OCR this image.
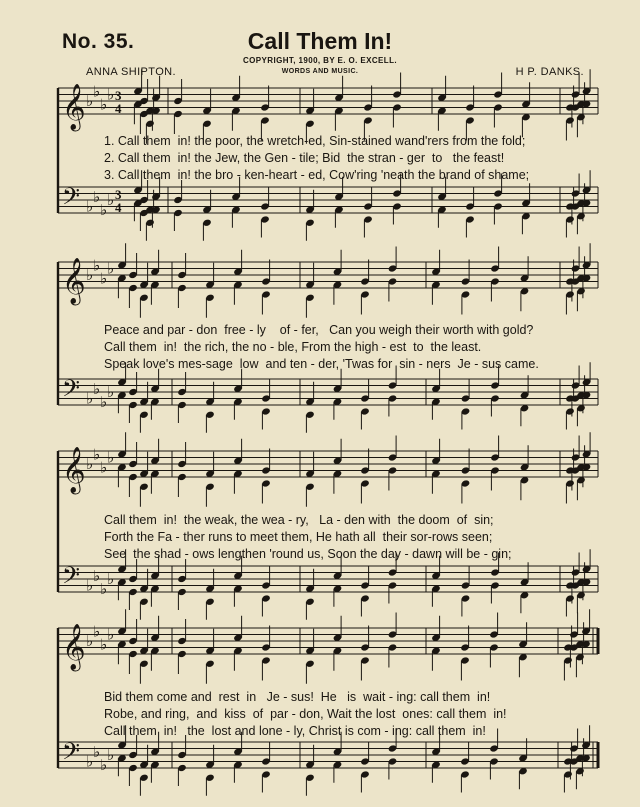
No. 35.	Call Them In!
COPYRIGHT, 1900, BY E. O. EXCELL.
WORDS AND MUSIC.
ANNA SHIPTON.	H P. DANKS.
𝄞 ♭
♭
♭
♭ 3
4
𝄢 ♭
♭
♭
♭ 3
4
𝄞 ♭
♭
♭
♭
𝄢 ♭
♭
♭
♭
𝄞 ♭
♭
♭
♭
𝄢 ♭
♭
♭
♭
𝄞 ♭
♭
♭
♭
𝄢 ♭
♭
♭
♭
1. Call them  in! the poor, the wretch-ed, Sin-stained wand'rers from the fold;
2. Call them  in! the Jew, the Gen - tile; Bid  the stran - ger  to   the feast!
3. Call them  in! the bro - ken-heart - ed, Cow'ring 'neath the brand of shame;
Peace and par - don  free - ly    of - fer,   Can you weigh their worth with gold?
Call them  in!  the rich, the no - ble, From the high - est  to  the least.
Speak love's mes-sage  low  and ten - der, 'Twas for  sin - ners  Je - sus came.
Call them  in!  the weak, the wea - ry,   La - den with  the doom  of  sin;
Forth the Fa - ther runs to meet them, He hath all  their sor-rows seen;
See  the shad - ows lengthen 'round us, Soon the day - dawn will be - gin;
Bid them come and  rest  in   Je - sus!  He   is  wait - ing: call them  in!
Robe, and ring,  and  kiss  of  par - don, Wait the lost  ones: call them  in!
Call them  in!   the  lost and lone - ly, Christ is com - ing: call them  in!
